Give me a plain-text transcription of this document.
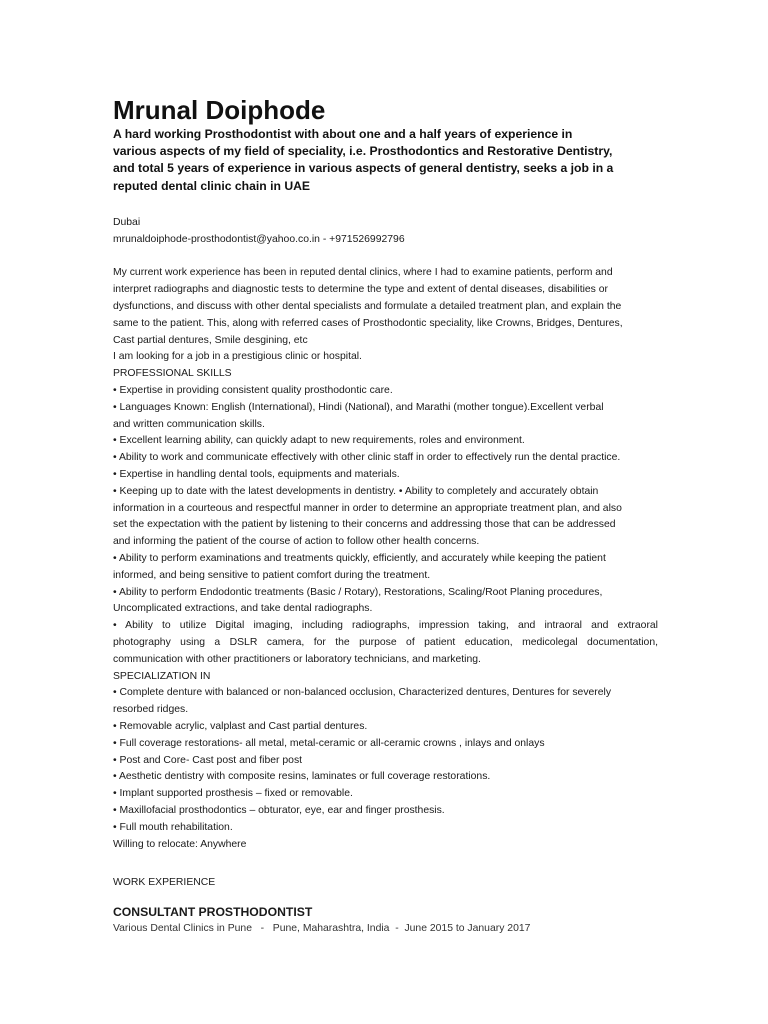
Mrunal Doiphode
A hard working Prosthodontist with about one and a half years of experience in
various aspects of my field of speciality, i.e. Prosthodontics and Restorative Dentistry,
and total 5 years of experience in various aspects of general dentistry, seeks a job in a
reputed dental clinic chain in UAE
Dubai
mrunaldoiphode-prosthodontist@yahoo.co.in - +971526992796
My current work experience has been in reputed dental clinics, where I had to examine patients, perform and
interpret radiographs and diagnostic tests to determine the type and extent of dental diseases, disabilities or
dysfunctions, and discuss with other dental specialists and formulate a detailed treatment plan, and explain the
same to the patient. This, along with referred cases of Prosthodontic speciality, like Crowns, Bridges, Dentures,
Cast partial dentures, Smile desgining, etc
I am looking for a job in a prestigious clinic or hospital.
PROFESSIONAL SKILLS
• Expertise in providing consistent quality prosthodontic care.
• Languages Known: English (International), Hindi (National), and Marathi (mother tongue).Excellent verbal
and written communication skills.
• Excellent learning ability, can quickly adapt to new requirements, roles and environment.
• Ability to work and communicate effectively with other clinic staff in order to effectively run the dental practice.
• Expertise in handling dental tools, equipments and materials.
• Keeping up to date with the latest developments in dentistry. • Ability to completely and accurately obtain
information in a courteous and respectful manner in order to determine an appropriate treatment plan, and also
set the expectation with the patient by listening to their concerns and addressing those that can be addressed
and informing the patient of the course of action to follow other health concerns.
• Ability to perform examinations and treatments quickly, efficiently, and accurately while keeping the patient
informed, and being sensitive to patient comfort during the treatment.
• Ability to perform Endodontic treatments (Basic / Rotary), Restorations, Scaling/Root Planing procedures,
Uncomplicated extractions, and take dental radiographs.
• Ability to utilize Digital imaging, including radiographs, impression taking, and intraoral and extraoral
photography using a DSLR camera, for the purpose of patient education, medicolegal documentation,
communication with other practitioners or laboratory technicians, and marketing.
SPECIALIZATION IN
• Complete denture with balanced or non-balanced occlusion, Characterized dentures, Dentures for severely
resorbed ridges.
• Removable acrylic, valplast and Cast partial dentures.
• Full coverage restorations- all metal, metal-ceramic or all-ceramic crowns , inlays and onlays
• Post and Core- Cast post and fiber post
• Aesthetic dentistry with composite resins, laminates or full coverage restorations.
• Implant supported prosthesis – fixed or removable.
• Maxillofacial prosthodontics – obturator, eye, ear and finger prosthesis.
• Full mouth rehabilitation.
Willing to relocate: Anywhere
WORK EXPERIENCE
CONSULTANT PROSTHODONTIST
Various Dental Clinics in Pune   -   Pune, Maharashtra, India  -  June 2015 to January 2017
